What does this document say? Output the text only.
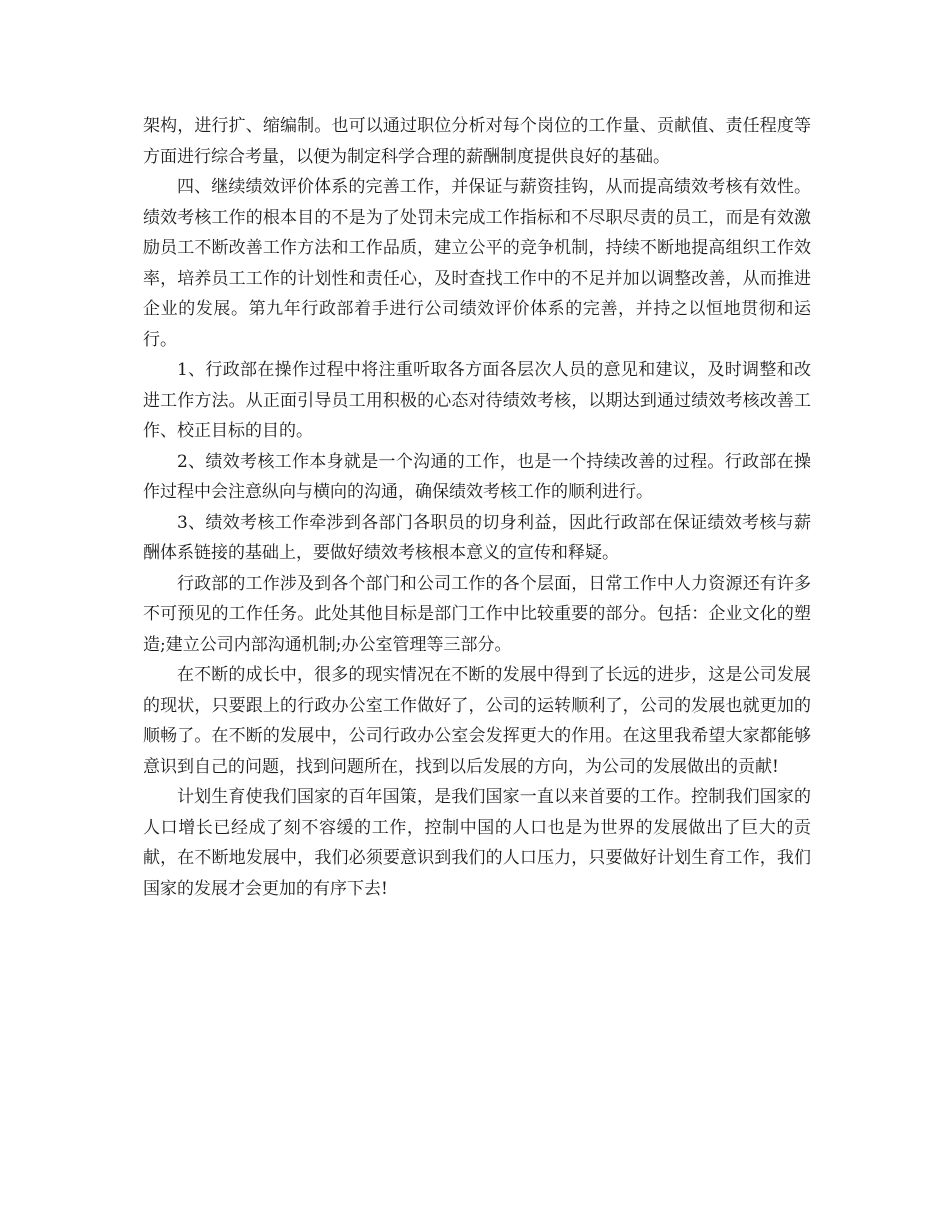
架构，进行扩、缩编制。也可以通过职位分析对每个岗位的工作量、贡献值、责任程度等方面进行综合考量，以便为制定科学合理的薪酬制度提供良好的基础。

四、继续绩效评价体系的完善工作，并保证与薪资挂钩，从而提高绩效考核有效性。绩效考核工作的根本目的不是为了处罚未完成工作指标和不尽职尽责的员工，而是有效激励员工不断改善工作方法和工作品质，建立公平的竞争机制，持续不断地提高组织工作效率，培养员工工作的计划性和责任心，及时查找工作中的不足并加以调整改善，从而推进企业的发展。第九年行政部着手进行公司绩效评价体系的完善，并持之以恒地贯彻和运行。

1、行政部在操作过程中将注重听取各方面各层次人员的意见和建议，及时调整和改进工作方法。从正面引导员工用积极的心态对待绩效考核，以期达到通过绩效考核改善工作、校正目标的目的。

2、绩效考核工作本身就是一个沟通的工作，也是一个持续改善的过程。行政部在操作过程中会注意纵向与横向的沟通，确保绩效考核工作的顺利进行。

3、绩效考核工作牵涉到各部门各职员的切身利益，因此行政部在保证绩效考核与薪酬体系链接的基础上，要做好绩效考核根本意义的宣传和释疑。

行政部的工作涉及到各个部门和公司工作的各个层面，日常工作中人力资源还有许多不可预见的工作任务。此处其他目标是部门工作中比较重要的部分。包括：企业文化的塑造;建立公司内部沟通机制;办公室管理等三部分。

在不断的成长中，很多的现实情况在不断的发展中得到了长远的进步，这是公司发展的现状，只要跟上的行政办公室工作做好了，公司的运转顺利了，公司的发展也就更加的顺畅了。在不断的发展中，公司行政办公室会发挥更大的作用。在这里我希望大家都能够意识到自己的问题，找到问题所在，找到以后发展的方向，为公司的发展做出的贡献!

计划生育使我们国家的百年国策，是我们国家一直以来首要的工作。控制我们国家的人口增长已经成了刻不容缓的工作，控制中国的人口也是为世界的发展做出了巨大的贡献，在不断地发展中，我们必须要意识到我们的人口压力，只要做好计划生育工作，我们国家的发展才会更加的有序下去!
